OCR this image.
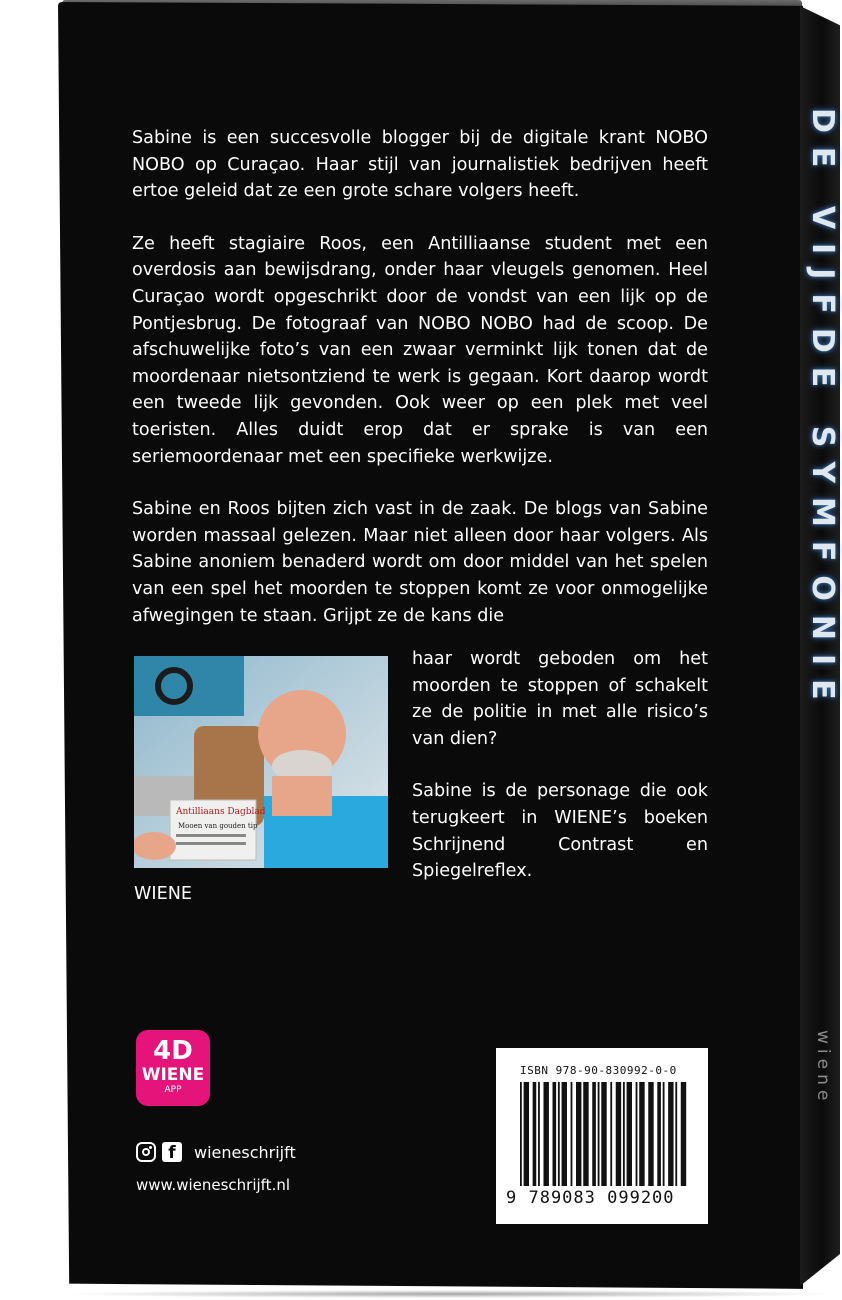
DE VIJFDE SYMFONIE
wiene

Sabine is een succesvolle blogger bij de digitale krant NOBO NOBO op Curaçao. Haar stijl van journalistiek bedrijven heeft ertoe geleid dat ze een grote schare volgers heeft.

Ze heeft stagiaire Roos, een Antilliaanse student met een overdosis aan bewijsdrang, onder haar vleugels genomen. Heel Curaçao wordt opgeschrikt door de vondst van een lijk op de Pontjesbrug. De fotograaf van NOBO NOBO had de scoop. De afschuwelijke foto’s van een zwaar verminkt lijk tonen dat de moordenaar nietsontziend te werk is gegaan. Kort daarop wordt een tweede lijk gevonden. Ook weer op een plek met veel toeristen. Alles duidt erop dat er sprake is van een seriemoordenaar met een specifieke werkwijze.

Sabine en Roos bijten zich vast in de zaak. De blogs van Sabine worden massaal gelezen. Maar niet alleen door haar volgers. Als Sabine anoniem benaderd wordt om door middel van het spelen van een spel het moorden te stoppen komt ze voor onmogelijke afwegingen te staan. Grijpt ze de kans die

Antilliaans Dagblad
Mooen van gouden tip

haar wordt geboden om het moorden te stoppen of schakelt ze de politie in met alle risico’s van dien?

Sabine is de personage die ook terugkeert in WIENE’s boeken Schrijnend Contrast en Spiegelreflex.

WIENE
4D
WIENE
APP
f	wieneschrijft
www.wieneschrijft.nl
ISBN 978-90-830992-0-0
9 789083 099200
